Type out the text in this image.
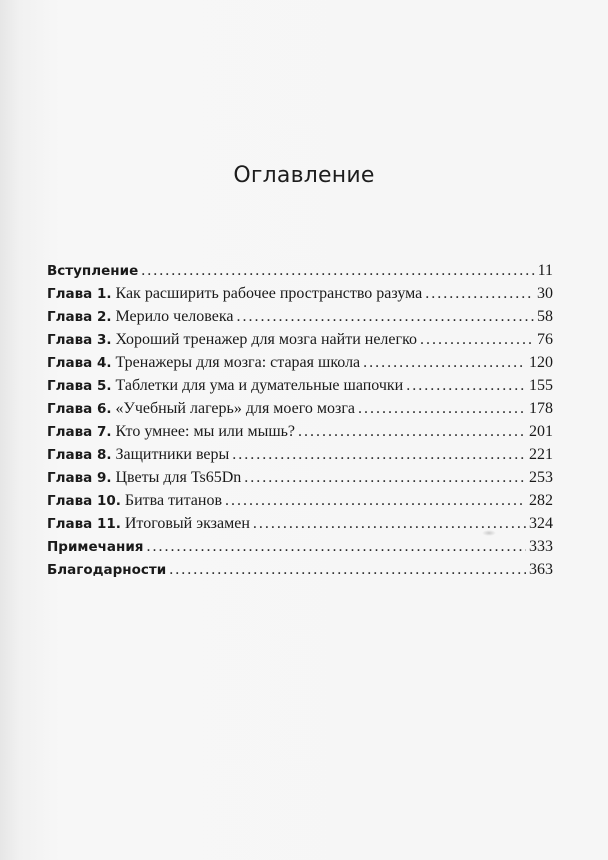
Оглавление
Вступление .....	11
Глава 1. Как расширить рабочее пространство разума .....	30
Глава 2. Мерило человека .....	58
Глава 3. Хороший тренажер для мозга найти нелегко .....	76
Глава 4. Тренажеры для мозга: старая школа .....	120
Глава 5. Таблетки для ума и думательные шапочки .....	155
Глава 6. «Учебный лагерь» для моего мозга .....	178
Глава 7. Кто умнее: мы или мышь? .....	201
Глава 8. Защитники веры .....	221
Глава 9. Цветы для Ts65Dn .....	253
Глава 10. Битва титанов .....	282
Глава 11. Итоговый экзамен .....	324
Примечания .....	333
Благодарности .....	363
